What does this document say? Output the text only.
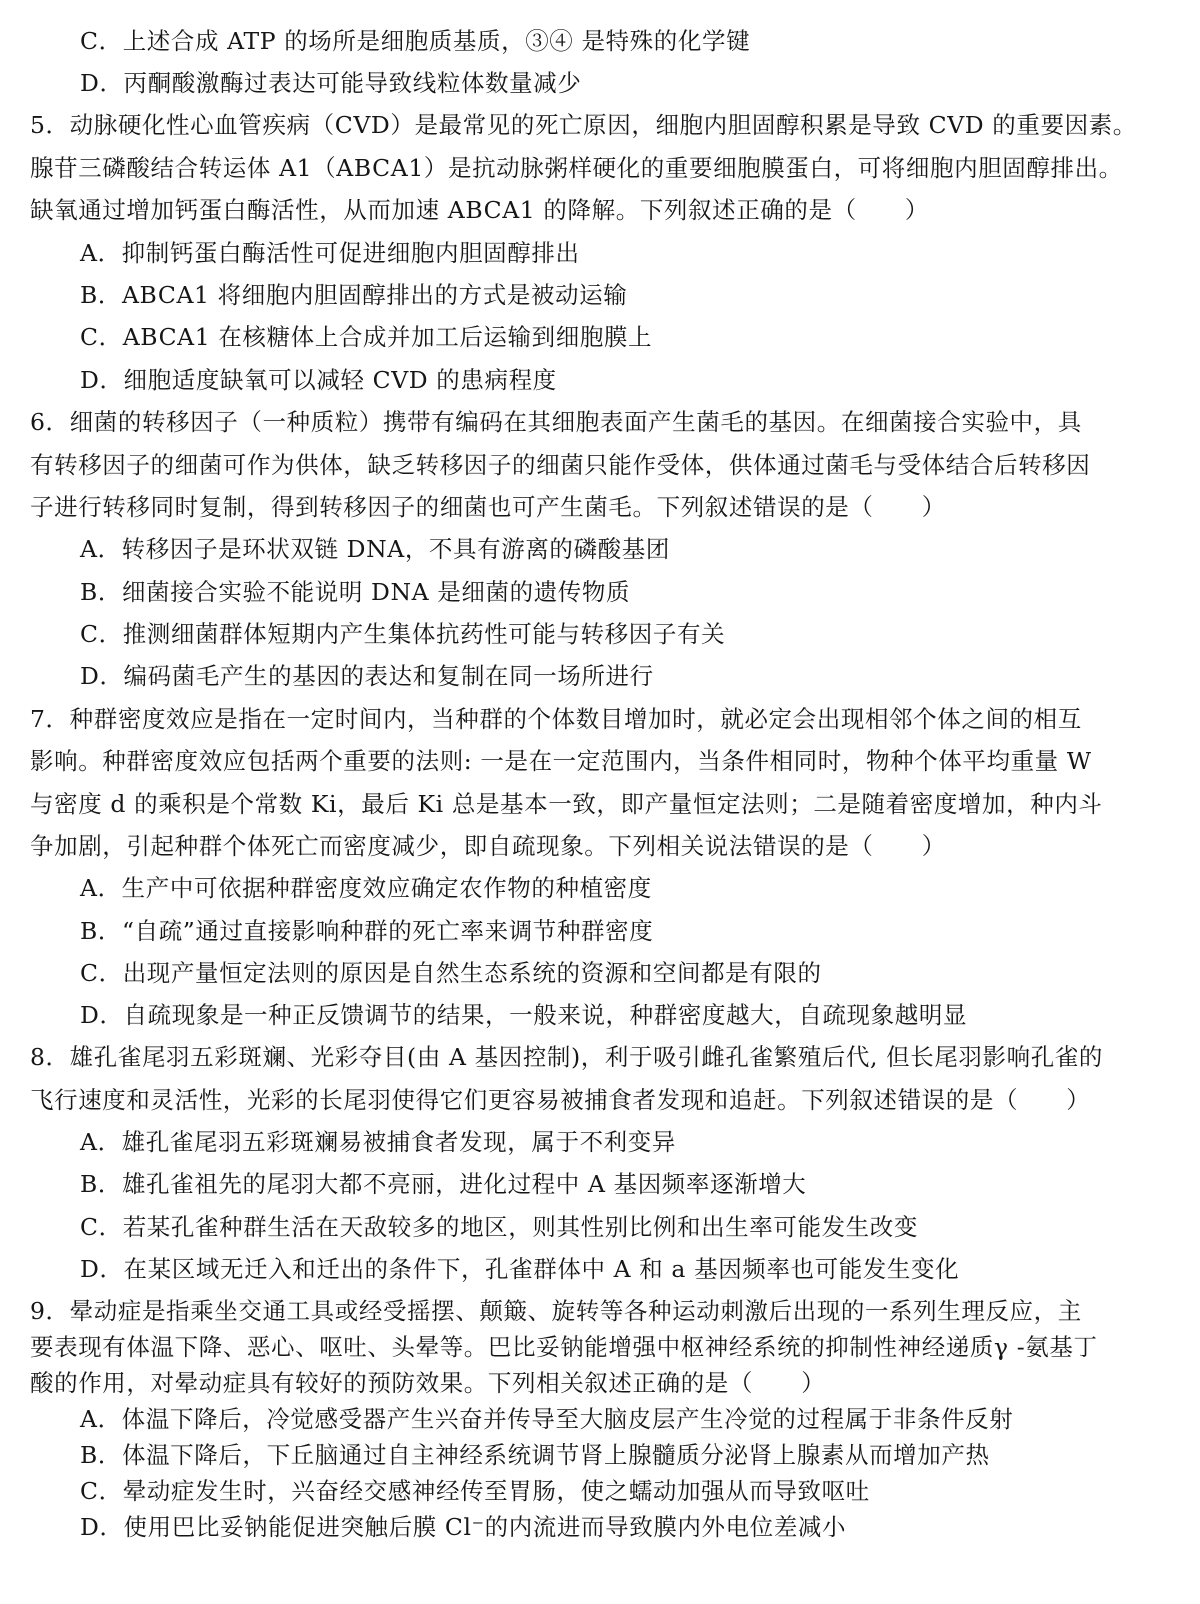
C．上述合成 ATP 的场所是细胞质基质，③④ 是特殊的化学键
D．丙酮酸激酶过表达可能导致线粒体数量减少
5．动脉硬化性心血管疾病（CVD）是最常见的死亡原因，细胞内胆固醇积累是导致 CVD 的重要因素。
腺苷三磷酸结合转运体 A1（ABCA1）是抗动脉粥样硬化的重要细胞膜蛋白，可将细胞内胆固醇排出。
缺氧通过增加钙蛋白酶活性，从而加速 ABCA1 的降解。下列叙述正确的是（　　）
A．抑制钙蛋白酶活性可促进细胞内胆固醇排出
B．ABCA1 将细胞内胆固醇排出的方式是被动运输
C．ABCA1 在核糖体上合成并加工后运输到细胞膜上
D．细胞适度缺氧可以减轻 CVD 的患病程度
6．细菌的转移因子（一种质粒）携带有编码在其细胞表面产生菌毛的基因。在细菌接合实验中，具
有转移因子的细菌可作为供体，缺乏转移因子的细菌只能作受体，供体通过菌毛与受体结合后转移因
子进行转移同时复制，得到转移因子的细菌也可产生菌毛。下列叙述错误的是（　　）
A．转移因子是环状双链 DNA，不具有游离的磷酸基团
B．细菌接合实验不能说明 DNA 是细菌的遗传物质
C．推测细菌群体短期内产生集体抗药性可能与转移因子有关
D．编码菌毛产生的基因的表达和复制在同一场所进行
7．种群密度效应是指在一定时间内，当种群的个体数目增加时，就必定会出现相邻个体之间的相互
影响。种群密度效应包括两个重要的法则: 一是在一定范围内，当条件相同时，物种个体平均重量 W
与密度 d 的乘积是个常数 Ki，最后 Ki 总是基本一致，即产量恒定法则；二是随着密度增加，种内斗
争加剧，引起种群个体死亡而密度减少，即自疏现象。下列相关说法错误的是（　　）
A．生产中可依据种群密度效应确定农作物的种植密度
B．“自疏”通过直接影响种群的死亡率来调节种群密度
C．出现产量恒定法则的原因是自然生态系统的资源和空间都是有限的
D．自疏现象是一种正反馈调节的结果，一般来说，种群密度越大，自疏现象越明显
8．雄孔雀尾羽五彩斑斓、光彩夺目(由 A 基因控制)，利于吸引雌孔雀繁殖后代, 但长尾羽影响孔雀的
飞行速度和灵活性，光彩的长尾羽使得它们更容易被捕食者发现和追赶。下列叙述错误的是（　　）
A．雄孔雀尾羽五彩斑斓易被捕食者发现，属于不利变异
B．雄孔雀祖先的尾羽大都不亮丽，进化过程中 A 基因频率逐渐增大
C．若某孔雀种群生活在天敌较多的地区，则其性别比例和出生率可能发生改变
D．在某区域无迁入和迁出的条件下，孔雀群体中 A 和 a 基因频率也可能发生变化
9．晕动症是指乘坐交通工具或经受摇摆、颠簸、旋转等各种运动刺激后出现的一系列生理反应，主
要表现有体温下降、恶心、呕吐、头晕等。巴比妥钠能增强中枢神经系统的抑制性神经递质γ -氨基丁
酸的作用，对晕动症具有较好的预防效果。下列相关叙述正确的是（　　）
A．体温下降后，冷觉感受器产生兴奋并传导至大脑皮层产生冷觉的过程属于非条件反射
B．体温下降后，下丘脑通过自主神经系统调节肾上腺髓质分泌肾上腺素从而增加产热
C．晕动症发生时，兴奋经交感神经传至胃肠，使之蠕动加强从而导致呕吐
D．使用巴比妥钠能促进突触后膜 Cl⁻的内流进而导致膜内外电位差减小
